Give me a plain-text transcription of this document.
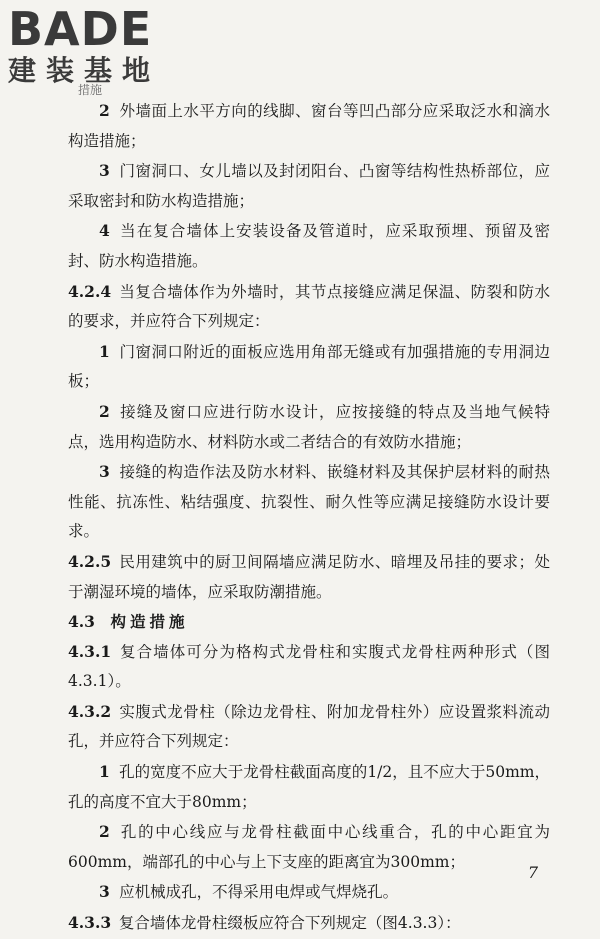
BADE
建装基地
措施

2 外墙面上水平方向的线脚、窗台等凹凸部分应采取泛水和滴水构造措施；

3 门窗洞口、女儿墙以及封闭阳台、凸窗等结构性热桥部位，应采取密封和防水构造措施；

4 当在复合墙体上安装设备及管道时，应采取预埋、预留及密封、防水构造措施。

4.2.4 当复合墙体作为外墙时，其节点接缝应满足保温、防裂和防水的要求，并应符合下列规定：

1 门窗洞口附近的面板应选用角部无缝或有加强措施的专用洞边板；

2 接缝及窗口应进行防水设计，应按接缝的特点及当地气候特点，选用构造防水、材料防水或二者结合的有效防水措施；

3 接缝的构造作法及防水材料、嵌缝材料及其保护层材料的耐热性能、抗冻性、粘结强度、抗裂性、耐久性等应满足接缝防水设计要求。

4.2.5 民用建筑中的厨卫间隔墙应满足防水、暗埋及吊挂的要求；处于潮湿环境的墙体，应采取防潮措施。

4.3 构造措施

4.3.1 复合墙体可分为格构式龙骨柱和实腹式龙骨柱两种形式（图4.3.1）。

4.3.2 实腹式龙骨柱（除边龙骨柱、附加龙骨柱外）应设置浆料流动孔，并应符合下列规定：

1 孔的宽度不应大于龙骨柱截面高度的1/2，且不应大于50mm，孔的高度不宜大于80mm；

2 孔的中心线应与龙骨柱截面中心线重合，孔的中心距宜为600mm，端部孔的中心与上下支座的距离宜为300mm；

3 应机械成孔，不得采用电焊或气焊烧孔。

4.3.3 复合墙体龙骨柱缀板应符合下列规定（图4.3.3）：

7
